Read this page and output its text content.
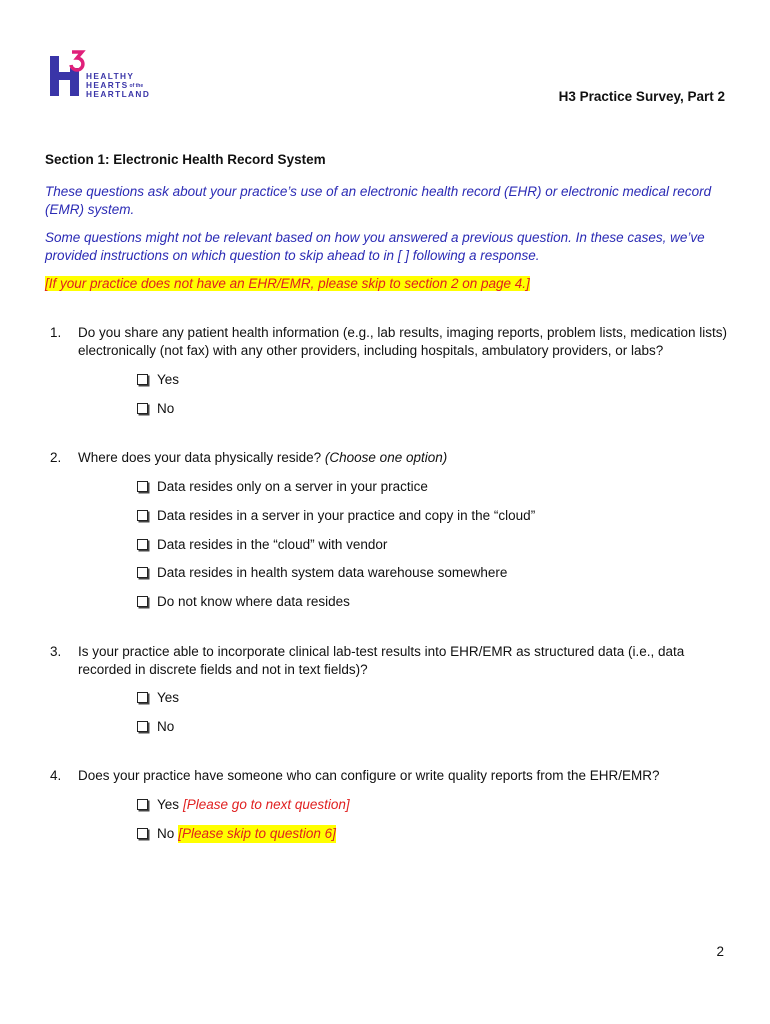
HEALTHY
HEARTSof the
HEARTLAND	H3 Practice Survey, Part 2
Section 1: Electronic Health Record System
These questions ask about your practice’s use of an electronic health record (EHR) or electronic medical record (EMR) system.
Some questions might not be relevant based on how you answered a previous question. In these cases, we’ve provided instructions on which question to skip ahead to in [ ] following a response.
[If your practice does not have an EHR/EMR, please skip to section 2 on page 4.]
1. Do you share any patient health information (e.g., lab results, imaging reports, problem lists, medication lists) electronically (not fax) with any other providers, including hospitals, ambulatory providers, or labs?
Yes
No
2. Where does your data physically reside? (Choose one option)
Data resides only on a server in your practice
Data resides in a server in your practice and copy in the “cloud”
Data resides in the “cloud” with vendor
Data resides in health system data warehouse somewhere
Do not know where data resides
3. Is your practice able to incorporate clinical lab-test results into EHR/EMR as structured data (i.e., data recorded in discrete fields and not in text fields)?
Yes
No
4. Does your practice have someone who can configure or write quality reports from the EHR/EMR?
Yes [Please go to next question]
No [Please skip to question 6]
2
